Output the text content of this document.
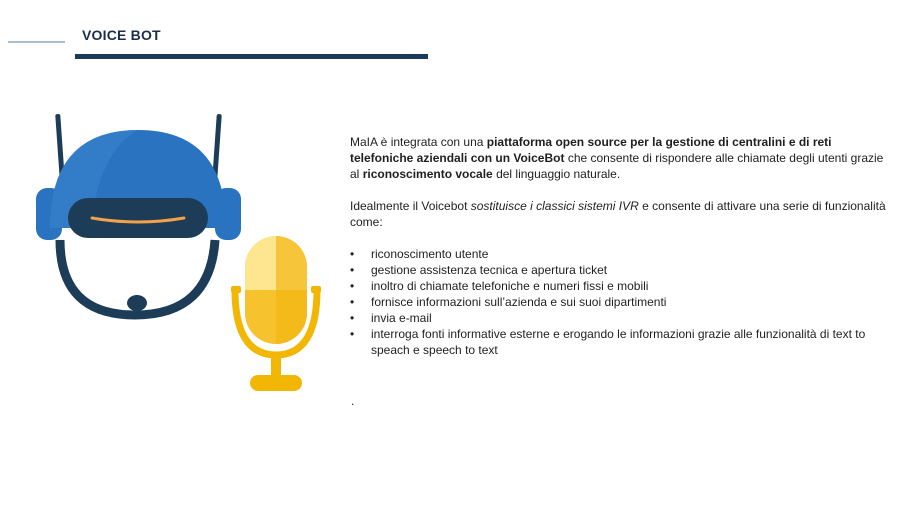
VOICE BOT

MaIA è integrata con una piattaforma open source per la gestione di centralini e di reti telefoniche aziendali con un VoiceBot che consente di rispondere alle chiamate degli utenti grazie al riconoscimento vocale del linguaggio naturale.

Idealmente il Voicebot sostituisce i classici sistemi IVR e consente di attivare una serie di funzionalità come:

• riconoscimento utente
• gestione assistenza tecnica e apertura ticket
• inoltro di chiamate telefoniche e numeri fissi e mobili
• fornisce informazioni sull’azienda e sui suoi dipartimenti
• invia e-mail
• interroga fonti informative esterne e erogando le informazioni grazie alle funzionalità di text to speach e speech to text
.
